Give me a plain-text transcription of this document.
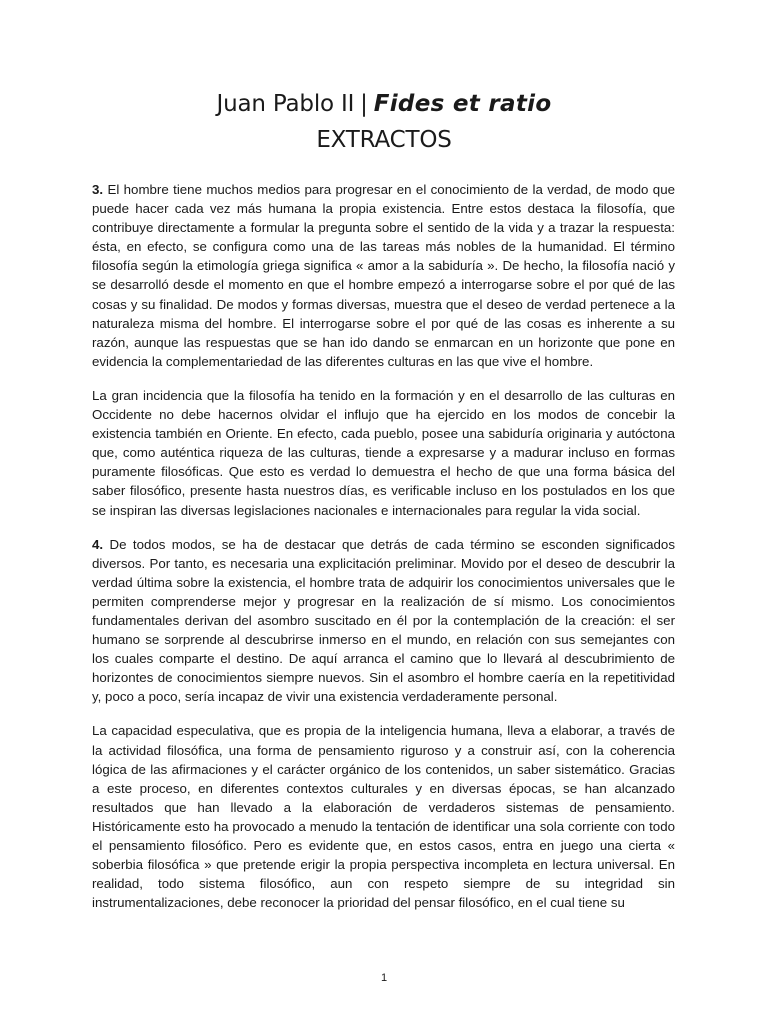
Juan Pablo II | Fides et ratio
EXTRACTOS

3. El hombre tiene muchos medios para progresar en el conocimiento de la verdad, de modo que puede hacer cada vez más humana la propia existencia. Entre estos destaca la filosofía, que contribuye directamente a formular la pregunta sobre el sentido de la vida y a trazar la respuesta: ésta, en efecto, se configura como una de las tareas más nobles de la humanidad. El término filosofía según la etimología griega significa « amor a la sabiduría ». De hecho, la filosofía nació y se desarrolló desde el momento en que el hombre empezó a interrogarse sobre el por qué de las cosas y su finalidad. De modos y formas diversas, muestra que el deseo de verdad pertenece a la naturaleza misma del hombre. El interrogarse sobre el por qué de las cosas es inherente a su razón, aunque las respuestas que se han ido dando se enmarcan en un horizonte que pone en evidencia la complementariedad de las diferentes culturas en las que vive el hombre.

La gran incidencia que la filosofía ha tenido en la formación y en el desarrollo de las culturas en Occidente no debe hacernos olvidar el influjo que ha ejercido en los modos de concebir la existencia también en Oriente. En efecto, cada pueblo, posee una sabiduría originaria y autóctona que, como auténtica riqueza de las culturas, tiende a expresarse y a madurar incluso en formas puramente filosóficas. Que esto es verdad lo demuestra el hecho de que una forma básica del saber filosófico, presente hasta nuestros días, es verificable incluso en los postulados en los que se inspiran las diversas legislaciones nacionales e internacionales para regular la vida social.

4. De todos modos, se ha de destacar que detrás de cada término se esconden significados diversos. Por tanto, es necesaria una explicitación preliminar. Movido por el deseo de descubrir la verdad última sobre la existencia, el hombre trata de adquirir los conocimientos universales que le permiten comprenderse mejor y progresar en la realización de sí mismo. Los conocimientos fundamentales derivan del asombro suscitado en él por la contemplación de la creación: el ser humano se sorprende al descubrirse inmerso en el mundo, en relación con sus semejantes con los cuales comparte el destino. De aquí arranca el camino que lo llevará al descubrimiento de horizontes de conocimientos siempre nuevos. Sin el asombro el hombre caería en la repetitividad y, poco a poco, sería incapaz de vivir una existencia verdaderamente personal.

La capacidad especulativa, que es propia de la inteligencia humana, lleva a elaborar, a través de la actividad filosófica, una forma de pensamiento riguroso y a construir así, con la coherencia lógica de las afirmaciones y el carácter orgánico de los contenidos, un saber sistemático. Gracias a este proceso, en diferentes contextos culturales y en diversas épocas, se han alcanzado resultados que han llevado a la elaboración de verdaderos sistemas de pensamiento. Históricamente esto ha provocado a menudo la tentación de identificar una sola corriente con todo el pensamiento filosófico. Pero es evidente que, en estos casos, entra en juego una cierta « soberbia filosófica » que pretende erigir la propia perspectiva incompleta en lectura universal. En realidad, todo sistema filosófico, aun con respeto siempre de su integridad sin instrumentalizaciones, debe reconocer la prioridad del pensar filosófico, en el cual tiene su

1
